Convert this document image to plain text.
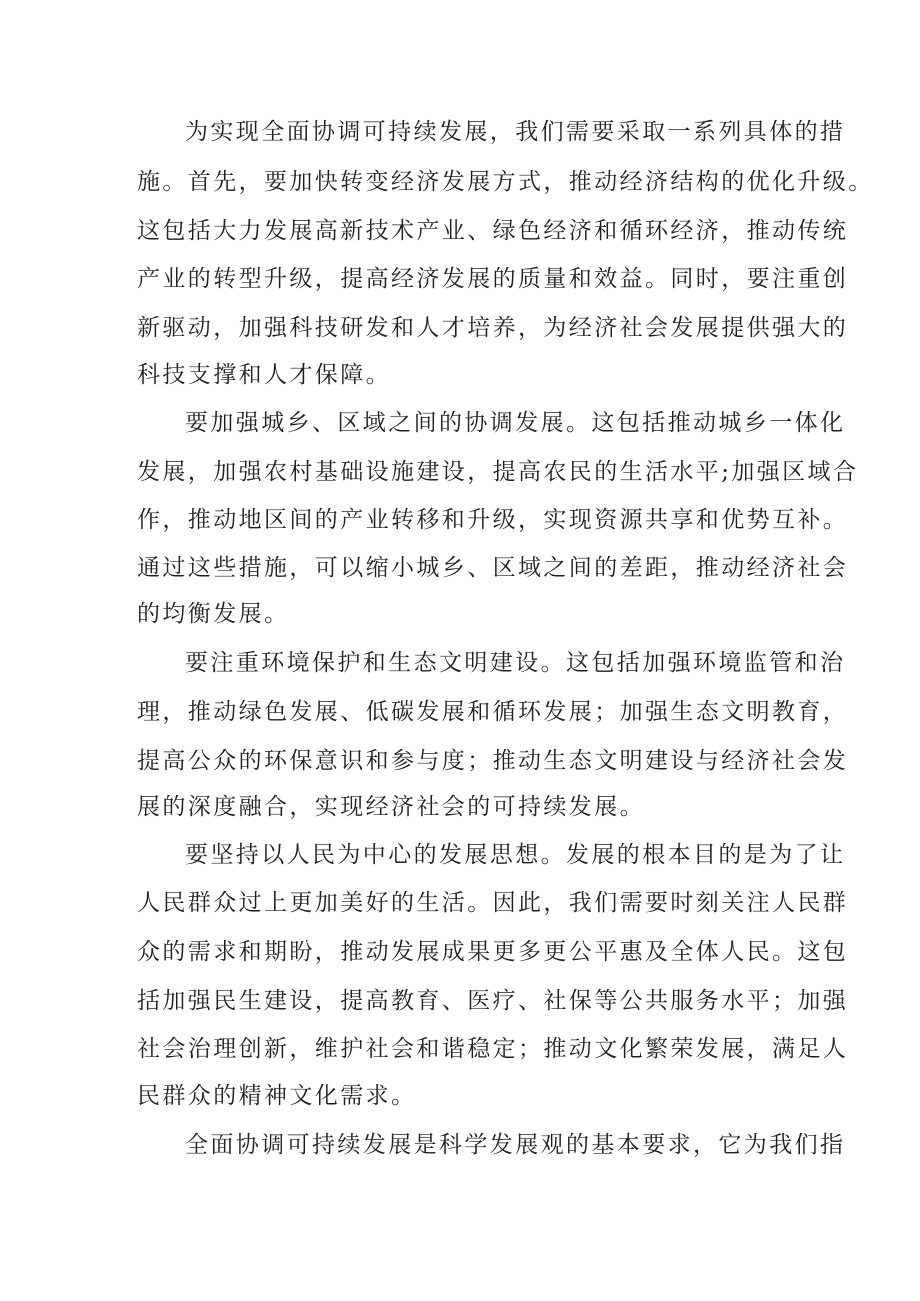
为实现全面协调可持续发展，我们需要采取一系列具体的措

施。首先，要加快转变经济发展方式，推动经济结构的优化升级。

这包括大力发展高新技术产业、绿色经济和循环经济，推动传统

产业的转型升级，提高经济发展的质量和效益。同时，要注重创

新驱动，加强科技研发和人才培养，为经济社会发展提供强大的

科技支撑和人才保障。

要加强城乡、区域之间的协调发展。这包括推动城乡一体化

发展，加强农村基础设施建设，提高农民的生活水平;加强区域合

作，推动地区间的产业转移和升级，实现资源共享和优势互补。

通过这些措施，可以缩小城乡、区域之间的差距，推动经济社会

的均衡发展。

要注重环境保护和生态文明建设。这包括加强环境监管和治

理，推动绿色发展、低碳发展和循环发展；加强生态文明教育，

提高公众的环保意识和参与度；推动生态文明建设与经济社会发

展的深度融合，实现经济社会的可持续发展。

要坚持以人民为中心的发展思想。发展的根本目的是为了让

人民群众过上更加美好的生活。因此，我们需要时刻关注人民群

众的需求和期盼，推动发展成果更多更公平惠及全体人民。这包

括加强民生建设，提高教育、医疗、社保等公共服务水平；加强

社会治理创新，维护社会和谐稳定；推动文化繁荣发展，满足人

民群众的精神文化需求。

全面协调可持续发展是科学发展观的基本要求，它为我们指
